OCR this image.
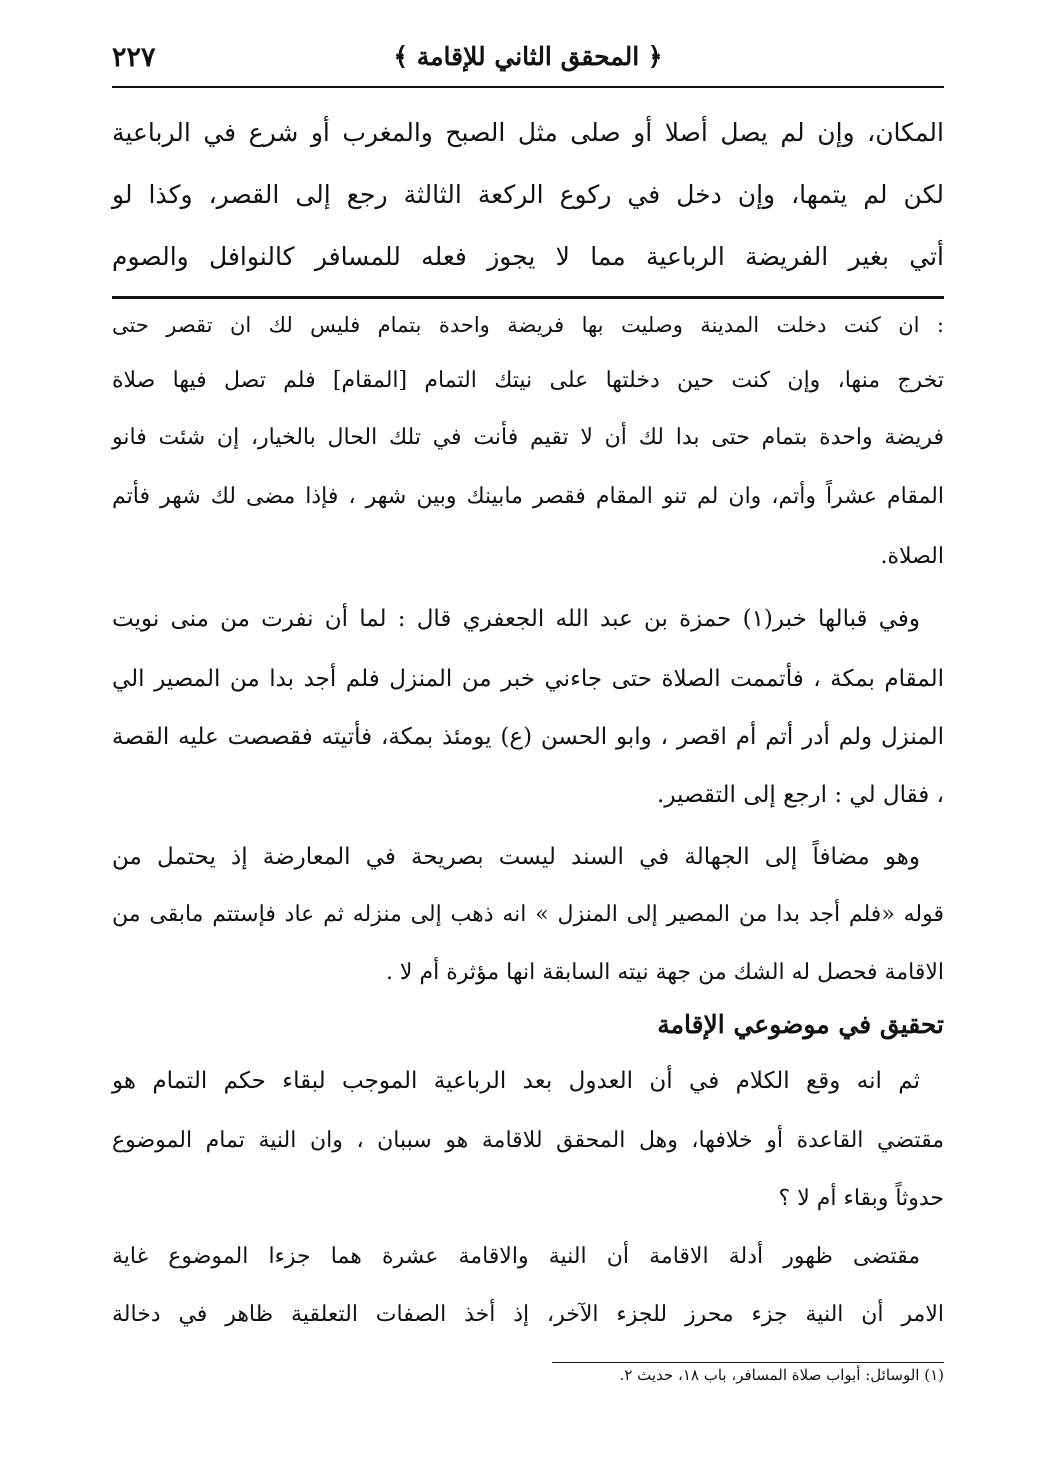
٢٢٧	﴿ المحقق الثاني للإقامة ﴾
المكان، وإن لم يصل أصلا أو صلى مثل الصبح والمغرب أو شرع في الرباعية
لكن لم يتمها، وإن دخل في ركوع الركعة الثالثة رجع إلى القصر، وكذا لو
أتي بغير الفريضة الرباعية مما لا يجوز فعله للمسافر كالنوافل والصوم
: ان كنت دخلت المدينة وصليت بها فريضة واحدة بتمام فليس لك ان تقصر حتى
تخرج منها، وإن كنت حين دخلتها على نيتك التمام [المقام] فلم تصل فيها صلاة
فريضة واحدة بتمام حتى بدا لك أن لا تقيم فأنت في تلك الحال بالخيار، إن شئت فانو
المقام عشراً وأتم، وان لم تنو المقام فقصر مابينك وبين شهر ، فإذا مضى لك شهر فأتم
الصلاة.
وفي قبالها خبر(١) حمزة بن عبد الله الجعفري قال : لما أن نفرت من منى نويت
المقام بمكة ، فأتممت الصلاة حتى جاءني خبر من المنزل فلم أجد بدا من المصير الي
المنزل ولم أدر أتم أم اقصر ، وابو الحسن (ع) يومئذ بمكة، فأتيته فقصصت عليه القصة
، فقال لي : ارجع إلى التقصير.
وهو مضافاً إلى الجهالة في السند ليست بصريحة في المعارضة إذ يحتمل من
قوله «فلم أجد بدا من المصير إلى المنزل » انه ذهب إلى منزله ثم عاد فإستتم مابقى من
الاقامة فحصل له الشك من جهة نيته السابقة انها مؤثرة أم لا .
تحقيق في موضوعي الإقامة
ثم انه وقع الكلام في أن العدول بعد الرباعية الموجب لبقاء حكم التمام هو
مقتضي القاعدة أو خلافها، وهل المحقق للاقامة هو سببان ، وان النية تمام الموضوع
حدوثاً وبقاء أم لا ؟
مقتضى ظهور أدلة الاقامة أن النية والاقامة عشرة هما جزءا الموضوع غاية
الامر أن النية جزء محرز للجزء الآخر، إذ أخذ الصفات التعلقية ظاهر في دخالة
(١) الوسائل: أبواب صلاة المسافر، باب ١٨، حديث ٢.
